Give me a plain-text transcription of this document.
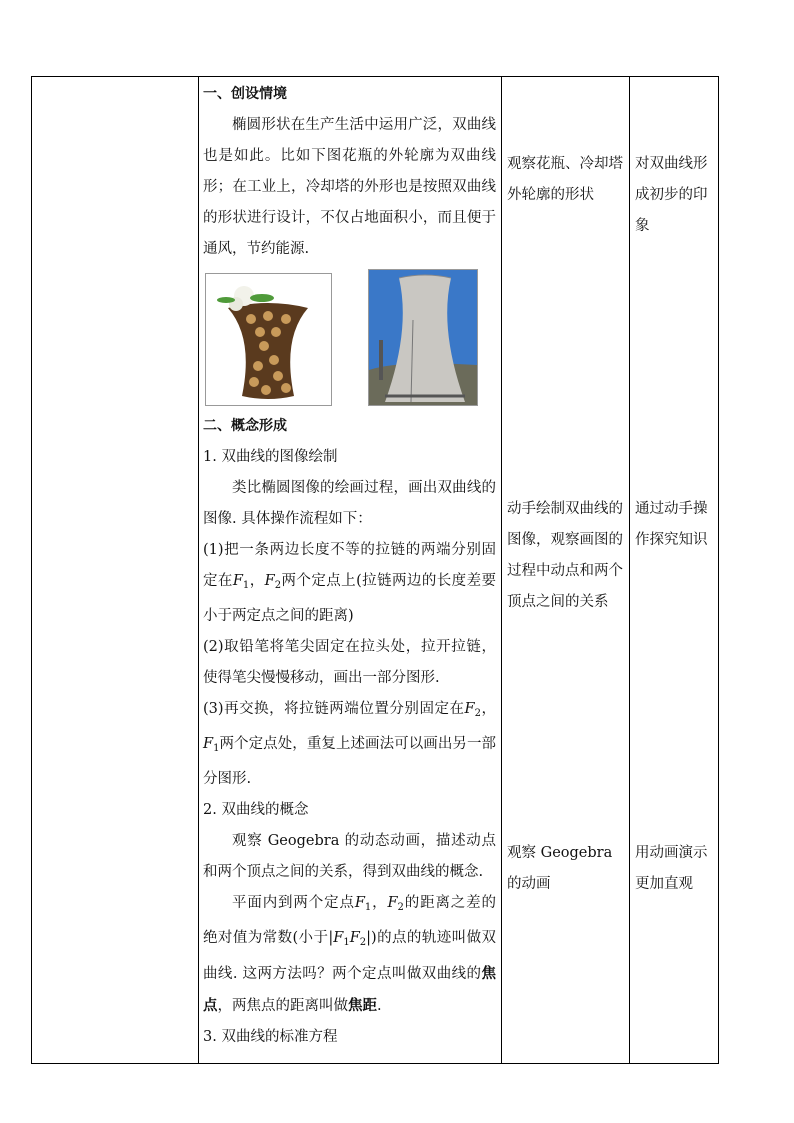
一、创设情境

椭圆形状在生产生活中运用广泛，双曲线也是如此。比如下图花瓶的外轮廓为双曲线形；在工业上，冷却塔的外形也是按照双曲线的形状进行设计，不仅占地面积小，而且便于通风，节约能源.

二、概念形成

1. 双曲线的图像绘制

类比椭圆图像的绘画过程，画出双曲线的图像. 具体操作流程如下：

(1)把一条两边长度不等的拉链的两端分别固定在$F_1$，$F_2$两个定点上(拉链两边的长度差要小于两定点之间的距离)

(2)取铅笔将笔尖固定在拉头处，拉开拉链，使得笔尖慢慢移动，画出一部分图形.

(3)再交换，将拉链两端位置分别固定在$F_2$，$F_1$两个定点处，重复上述画法可以画出另一部分图形.

2. 双曲线的概念

观察 Geogebra 的动态动画，描述动点和两个顶点之间的关系，得到双曲线的概念.

平面内到两个定点$F_1$，$F_2$的距离之差的绝对值为常数(小于$|F_1F_2|$)的点的轨迹叫做双曲线. 这两方法吗？两个定点叫做双曲线的焦点，两焦点的距离叫做焦距.

3. 双曲线的标准方程

观察花瓶、冷却塔外轮廓的形状
动手绘制双曲线的图像，观察画图的过程中动点和两个顶点之间的关系
观察 Geogebra 的动画
对双曲线形成初步的印象
通过动手操作探究知识
用动画演示更加直观
